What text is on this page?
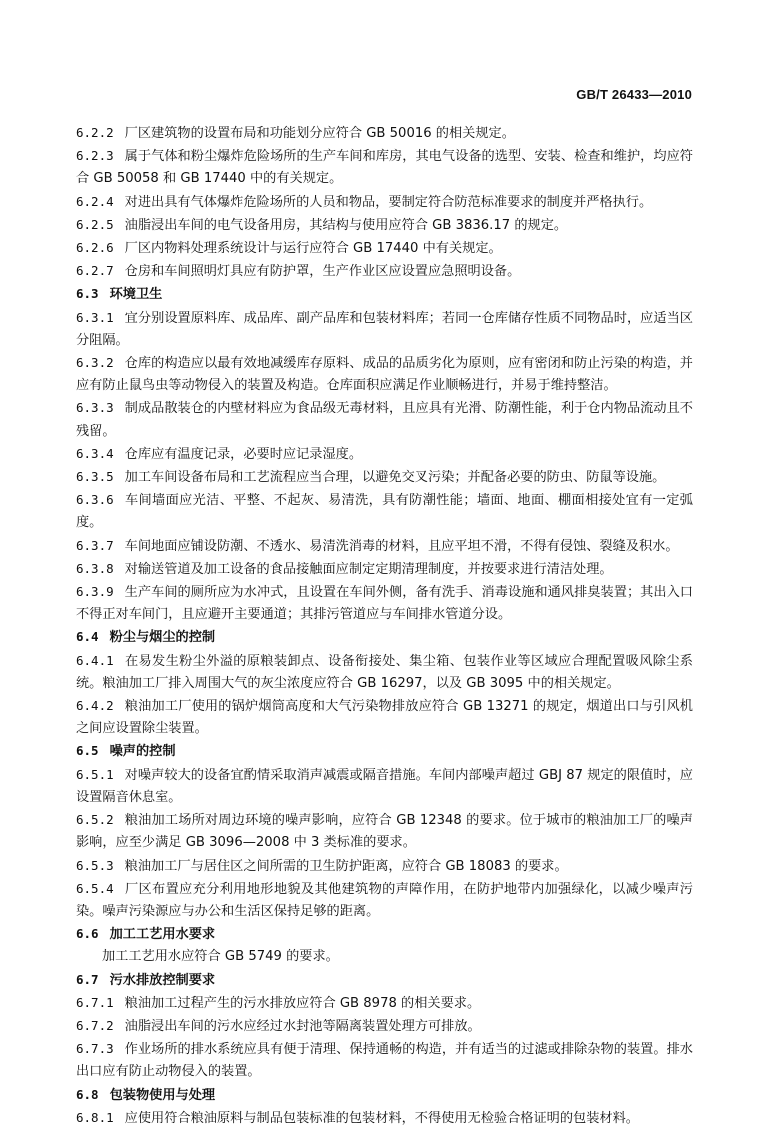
GB/T 26433—2010

6.2.2 厂区建筑物的设置布局和功能划分应符合 GB 50016 的相关规定。

6.2.3 属于气体和粉尘爆炸危险场所的生产车间和库房，其电气设备的选型、安装、检查和维护，均应符合 GB 50058 和 GB 17440 中的有关规定。

6.2.4 对进出具有气体爆炸危险场所的人员和物品，要制定符合防范标准要求的制度并严格执行。

6.2.5 油脂浸出车间的电气设备用房，其结构与使用应符合 GB 3836.17 的规定。

6.2.6 厂区内物料处理系统设计与运行应符合 GB 17440 中有关规定。

6.2.7 仓房和车间照明灯具应有防护罩，生产作业区应设置应急照明设备。

6.3 环境卫生

6.3.1 宜分别设置原料库、成品库、副产品库和包装材料库；若同一仓库储存性质不同物品时，应适当区分阻隔。

6.3.2 仓库的构造应以最有效地减缓库存原料、成品的品质劣化为原则，应有密闭和防止污染的构造，并应有防止鼠鸟虫等动物侵入的装置及构造。仓库面积应满足作业顺畅进行，并易于维持整洁。

6.3.3 制成品散装仓的内壁材料应为食品级无毒材料，且应具有光滑、防潮性能，利于仓内物品流动且不残留。

6.3.4 仓库应有温度记录，必要时应记录湿度。

6.3.5 加工车间设备布局和工艺流程应当合理，以避免交叉污染；并配备必要的防虫、防鼠等设施。

6.3.6 车间墙面应光洁、平整、不起灰、易清洗，具有防潮性能；墙面、地面、棚面相接处宜有一定弧度。

6.3.7 车间地面应铺设防潮、不透水、易清洗消毒的材料，且应平坦不滑，不得有侵蚀、裂缝及积水。

6.3.8 对输送管道及加工设备的食品接触面应制定定期清理制度，并按要求进行清洁处理。

6.3.9 生产车间的厕所应为水冲式，且设置在车间外侧，备有洗手、消毒设施和通风排臭装置；其出入口不得正对车间门，且应避开主要通道；其排污管道应与车间排水管道分设。

6.4 粉尘与烟尘的控制

6.4.1 在易发生粉尘外溢的原粮装卸点、设备衔接处、集尘箱、包装作业等区域应合理配置吸风除尘系统。粮油加工厂排入周围大气的灰尘浓度应符合 GB 16297，以及 GB 3095 中的相关规定。

6.4.2 粮油加工厂使用的锅炉烟筒高度和大气污染物排放应符合 GB 13271 的规定，烟道出口与引风机之间应设置除尘装置。

6.5 噪声的控制

6.5.1 对噪声较大的设备宜酌情采取消声减震或隔音措施。车间内部噪声超过 GBJ 87 规定的限值时，应设置隔音休息室。

6.5.2 粮油加工场所对周边环境的噪声影响，应符合 GB 12348 的要求。位于城市的粮油加工厂的噪声影响，应至少满足 GB 3096—2008 中 3 类标准的要求。

6.5.3 粮油加工厂与居住区之间所需的卫生防护距离，应符合 GB 18083 的要求。

6.5.4 厂区布置应充分利用地形地貌及其他建筑物的声障作用，在防护地带内加强绿化，以减少噪声污染。噪声污染源应与办公和生活区保持足够的距离。

6.6 加工工艺用水要求

加工工艺用水应符合 GB 5749 的要求。

6.7 污水排放控制要求

6.7.1 粮油加工过程产生的污水排放应符合 GB 8978 的相关要求。

6.7.2 油脂浸出车间的污水应经过水封池等隔离装置处理方可排放。

6.7.3 作业场所的排水系统应具有便于清理、保持通畅的构造，并有适当的过滤或排除杂物的装置。排水出口应有防止动物侵入的装置。

6.8 包装物使用与处理

6.8.1 应使用符合粮油原料与制品包装标准的包装材料，不得使用无检验合格证明的包装材料。
